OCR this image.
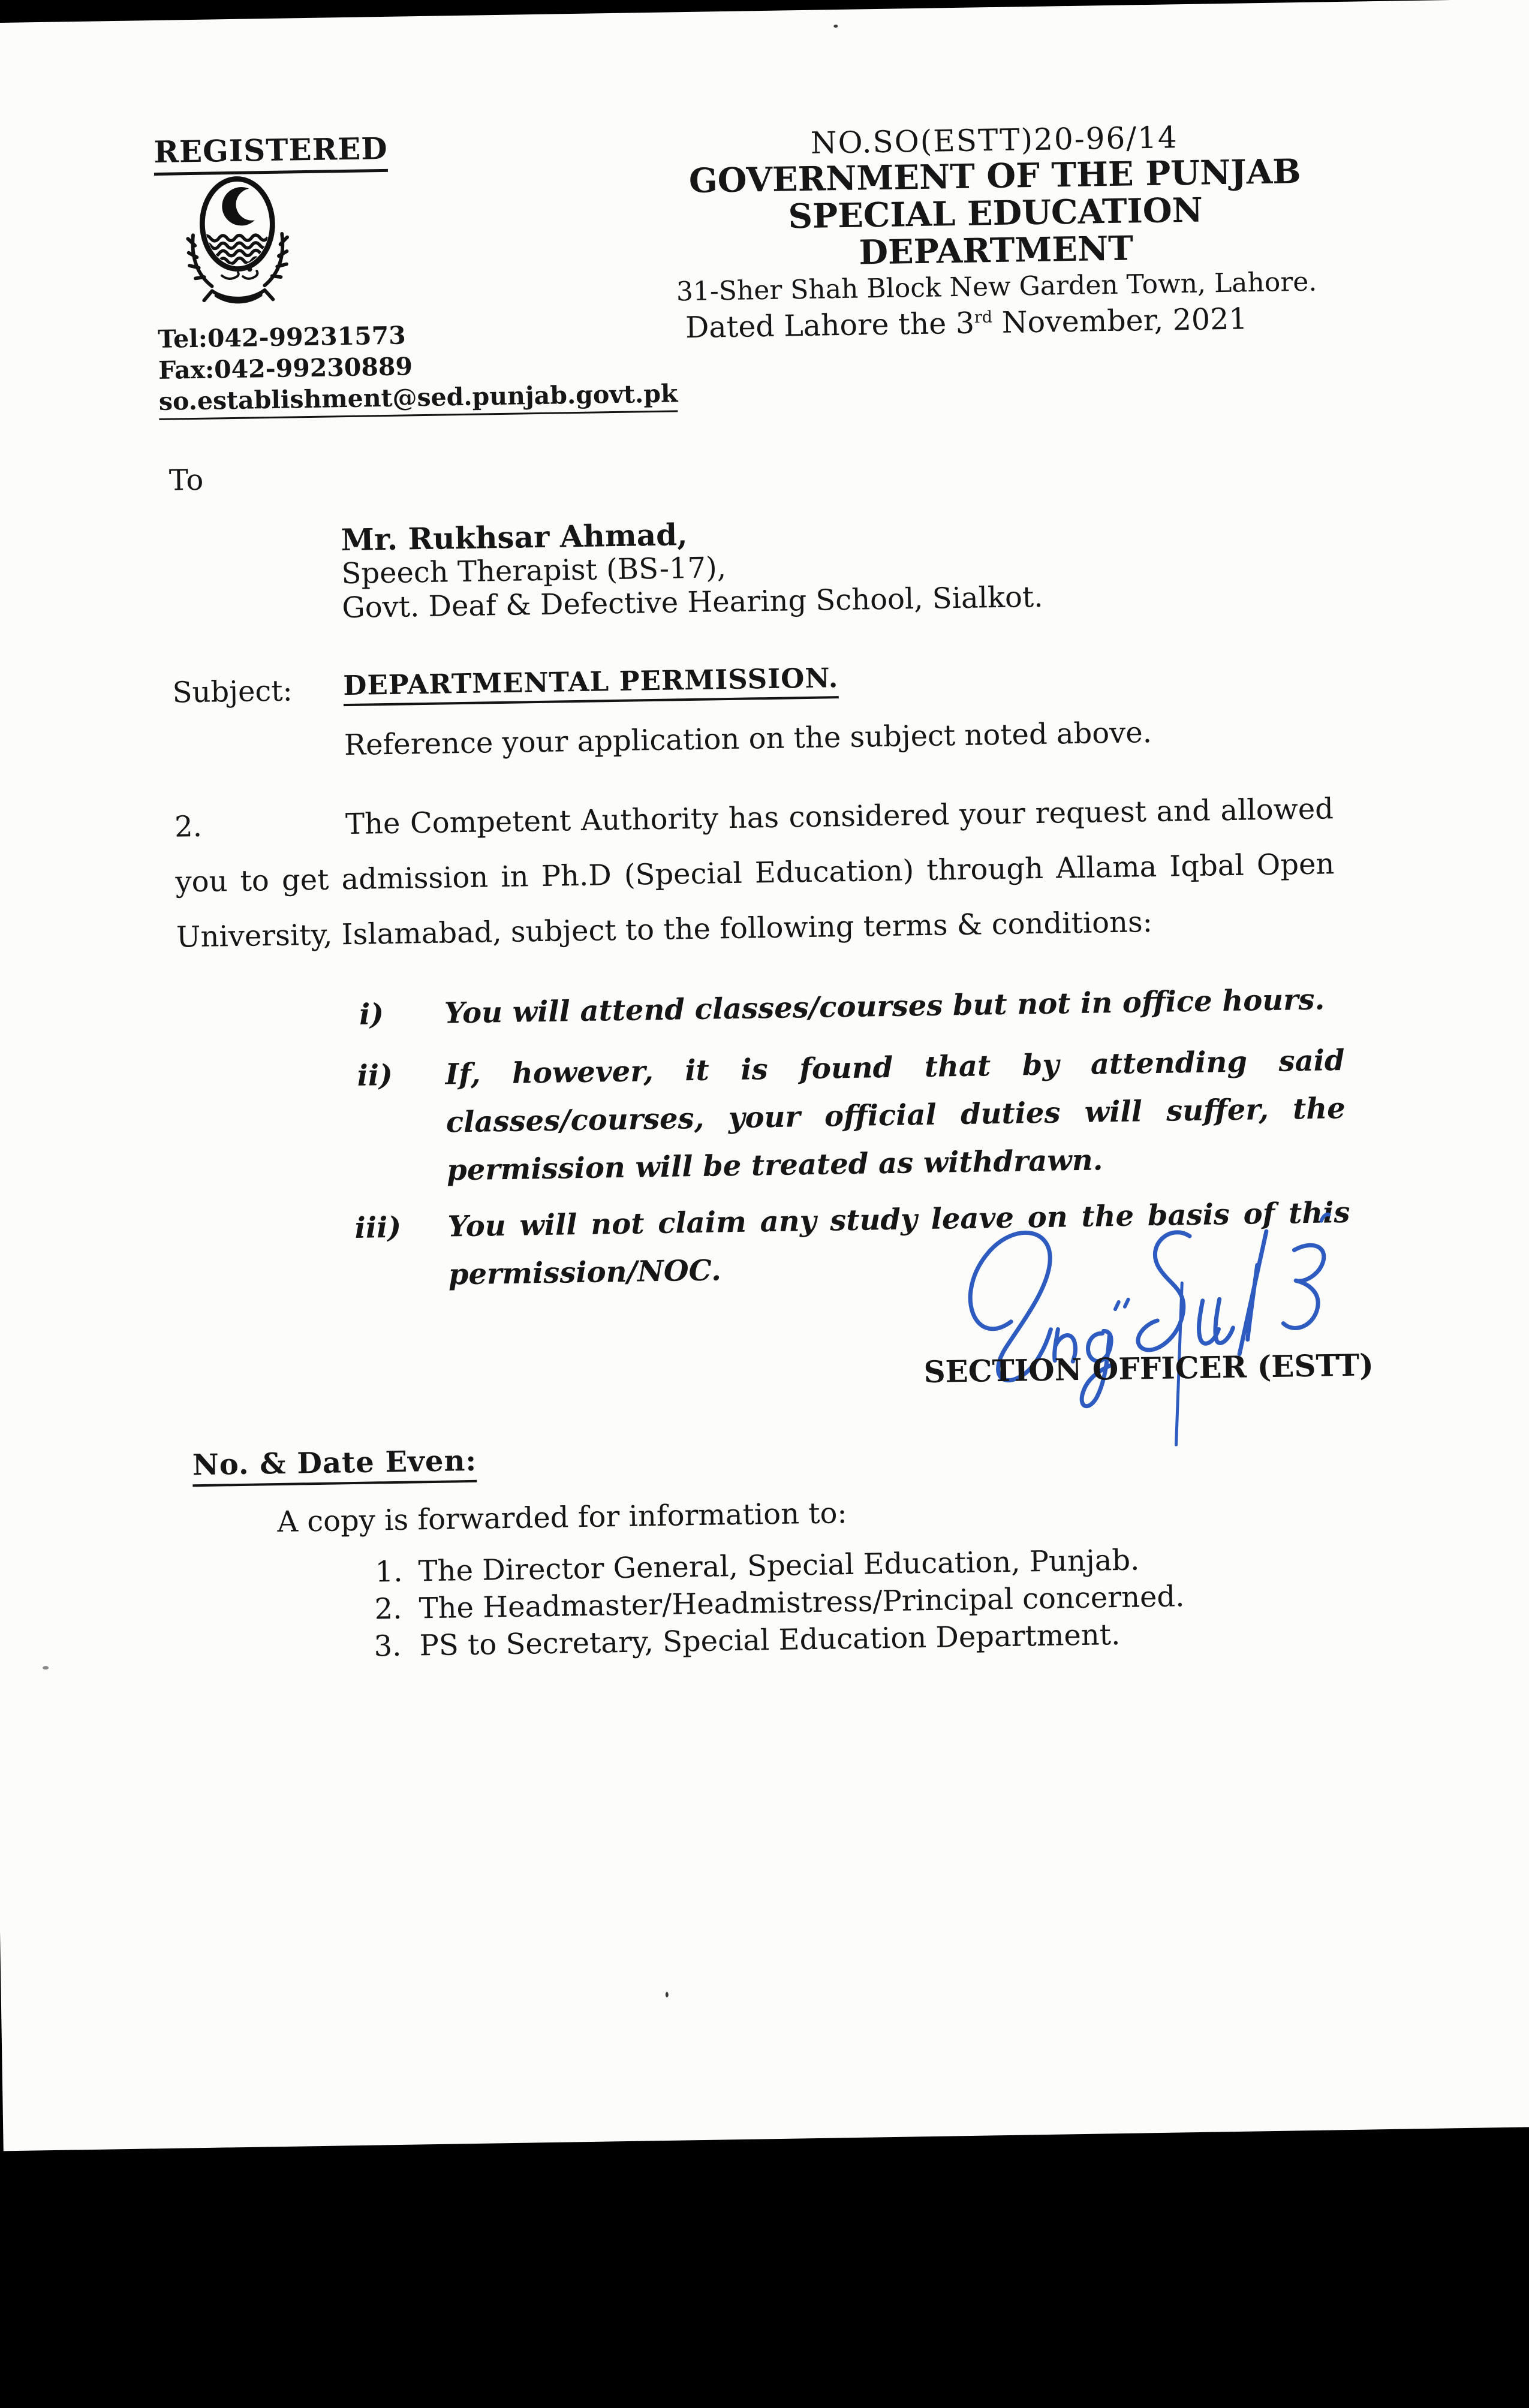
REGISTERED
Tel:042-99231573
Fax:042-99230889
so.establishment@sed.punjab.govt.pk
NO.SO(ESTT)20-96/14
GOVERNMENT OF THE PUNJAB
SPECIAL EDUCATION DEPARTMENT
31-Sher Shah Block New Garden Town, Lahore.
Dated Lahore the 3rd November, 2021
To
Mr. Rukhsar Ahmad,
Speech Therapist (BS-17),
Govt. Deaf & Defective Hearing School, Sialkot.
Subject: DEPARTMENTAL PERMISSION.
Reference your application on the subject noted above.
2.	The Competent Authority has considered your request and allowed
you to get admission in Ph.D (Special Education) through Allama Iqbal Open
University, Islamabad, subject to the following terms & conditions:
i) You will attend classes/courses but not in office hours.
ii) If, however, it is found that by attending said classes/courses, your official duties will suffer, the permission will be treated as withdrawn.
iii) You will not claim any study leave on the basis of this permission/NOC.
SECTION OFFICER (ESTT)
No. & Date Even:
A copy is forwarded for information to:
1. The Director General, Special Education, Punjab.
2. The Headmaster/Headmistress/Principal concerned.
3. PS to Secretary, Special Education Department.
